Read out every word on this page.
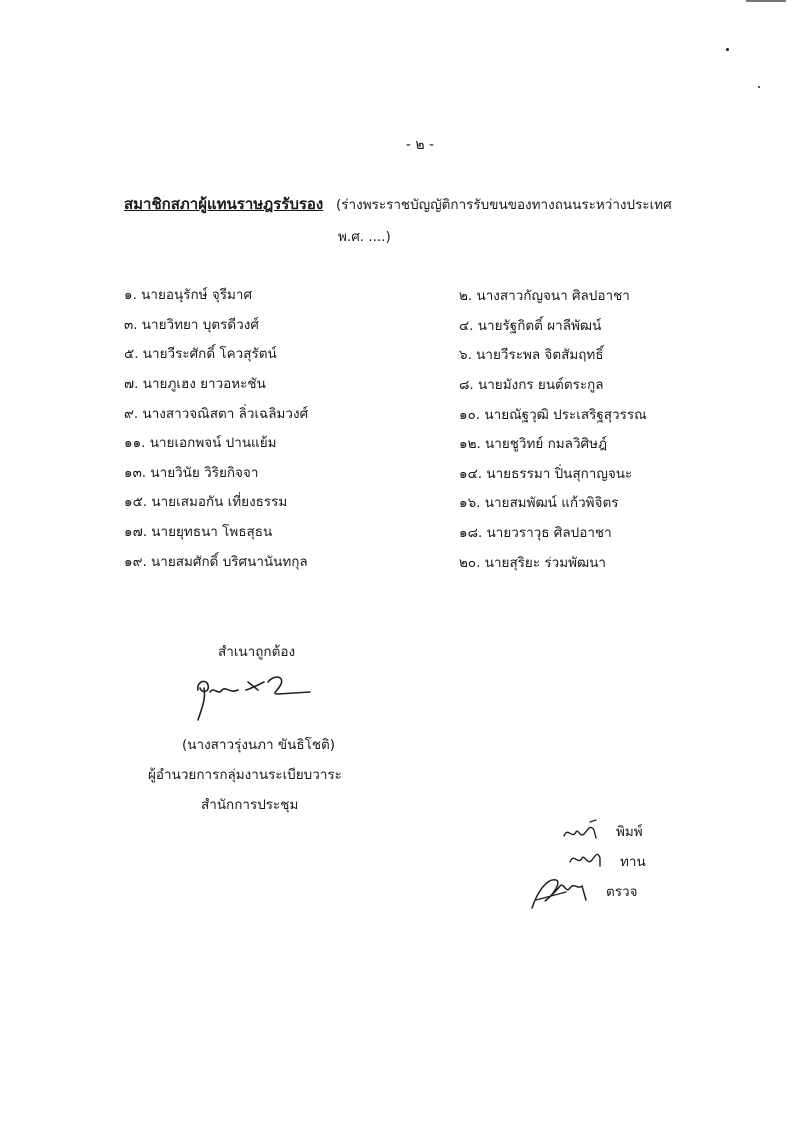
- ๒ -
สมาชิกสภาผู้แทนราษฎรรับรอง (ร่างพระราชบัญญัติการรับขนของทางถนนระหว่างประเทศ
พ.ศ. ....)
๑. นายอนุรักษ์ จุรีมาศ
๓. นายวิทยา บุตรดีวงศ์
๕. นายวีระศักดิ์ โควสุรัตน์
๗. นายภูเฮง ยาวอหะชัน
๙. นางสาวจณิสตา ลิ่วเฉลิมวงศ์
๑๑. นายเอกพจน์ ปานแย้ม
๑๓. นายวินัย วิริยกิจจา
๑๕. นายเสมอกัน เที่ยงธรรม
๑๗. นายยุทธนา โพธสุธน
๑๙. นายสมศักดิ์ บริศนานันทกุล
๒. นางสาวกัญจนา ศิลปอาชา
๔. นายรัฐกิตติ์ ผาลีพัฒน์
๖. นายวีระพล จิตสัมฤทธิ์
๘. นายมังกร ยนต์ตระกูล
๑๐. นายณัฐวุฒิ ประเสริฐสุวรรณ
๑๒. นายชูวิทย์ กมลวิศิษฎ์
๑๔. นายธรรมา ปิ่นสุกาญจนะ
๑๖. นายสมพัฒน์ แก้วพิจิตร
๑๘. นายวราวุธ ศิลปอาชา
๒๐. นายสุริยะ ร่วมพัฒนา
สำเนาถูกต้อง
(นางสาวรุ่งนภา ขันธิโชติ)
ผู้อำนวยการกลุ่มงานระเบียบวาระ
สำนักการประชุม
พิมพ์
ทาน
ตรวจ
